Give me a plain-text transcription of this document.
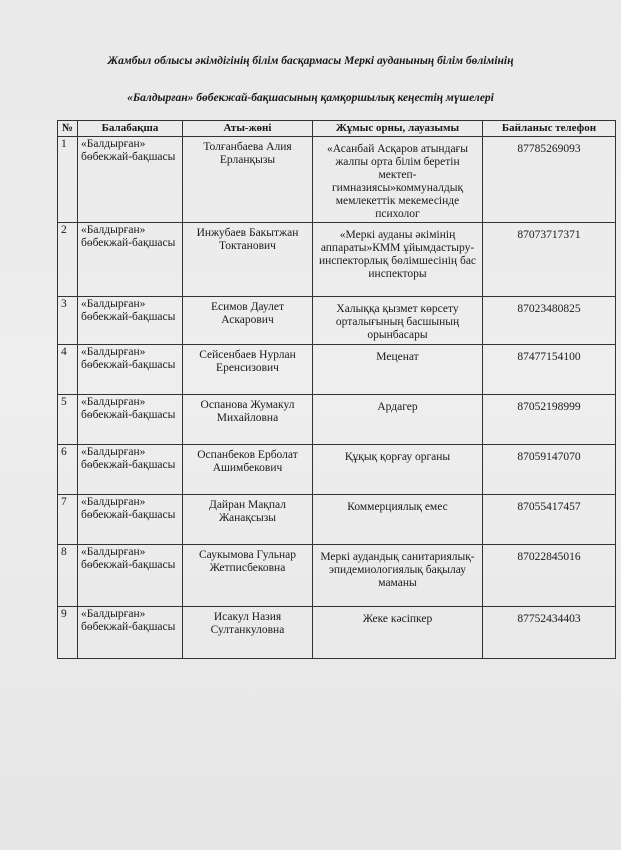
Жамбыл облысы әкімдігінің білім басқармасы Меркі ауданының білім бөлімінің
«Балдырған» бөбекжай-бақшасының қамқоршылық кеңестің мүшелері
№	Балабақша	Аты-жөні	Жұмыс орны, лауазымы	Байланыс телефон
1	«Балдырған» бөбекжай-бақшасы	Толғанбаева Алия Ерланқызы	«Асанбай Асқаров атындағы жалпы орта білім беретін мектеп-гимназиясы»коммуналдық мемлекеттік мекемесінде психолог	87785269093
2	«Балдырған» бөбекжай-бақшасы	Инжубаев Бакытжан Токтанович	«Меркі ауданы әкімінің аппараты»КММ ұйымдастыру-инспекторлық бөлімшесінің бас инспекторы	87073717371
3	«Балдырған» бөбекжай-бақшасы	Есимов Даулет Аскарович	Халыққа қызмет көрсету орталығының басшының орынбасары	87023480825
4	«Балдырған» бөбекжай-бақшасы	Сейсенбаев Нурлан Еренсизович	Меценат	87477154100
5	«Балдырған» бөбекжай-бақшасы	Оспанова Жумакул Михайловна	Ардагер	87052198999
6	«Балдырған» бөбекжай-бақшасы	Оспанбеков Ерболат Ашимбекович	Құқық қорғау органы	87059147070
7	«Балдырған» бөбекжай-бақшасы	Дайран Мақпал Жанақсызы	Коммерциялық емес	87055417457
8	«Балдырған» бөбекжай-бақшасы	Саукымова Гульнар Жетписбековна	Меркі аудандық санитариялық-эпидемиологиялық бақылау маманы	87022845016
9	«Балдырған» бөбекжай-бақшасы	Исакул Назия Султанкуловна	Жеке кәсіпкер	87752434403
